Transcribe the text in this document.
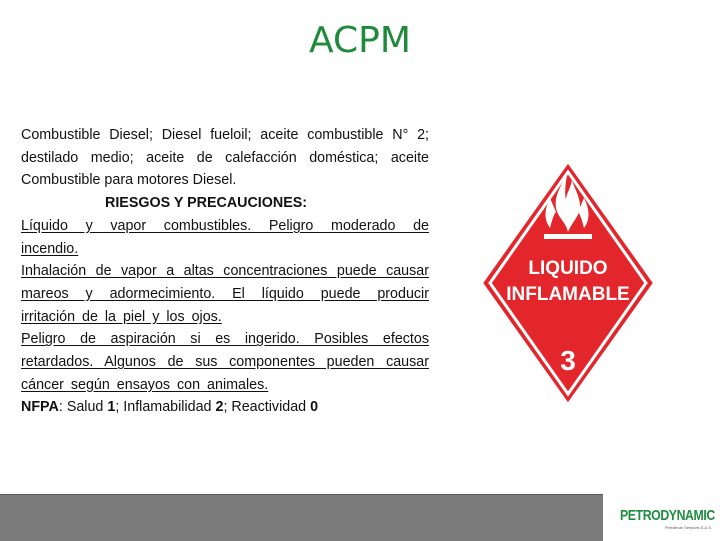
ACPM

Combustible Diesel; Diesel fueloil; aceite combustible N° 2; destilado medio; aceite de calefacción doméstica; aceite Combustible para motores Diesel.

RIESGOS Y PRECAUCIONES:

Líquido y vapor combustibles. Peligro moderado de incendio.

Inhalación de vapor a altas concentraciones puede causar mareos y adormecimiento. El líquido puede producir irritación de la piel y los ojos.

Peligro de aspiración si es ingerido. Posibles efectos retardados. Algunos de sus componentes pueden causar cáncer según ensayos con animales.

NFPA: Salud 1; Inflamabilidad 2; Reactividad 0

LIQUIDO
INFLAMABLE
3
PETRODYNAMIC
Petroleum Services S.A.S.
